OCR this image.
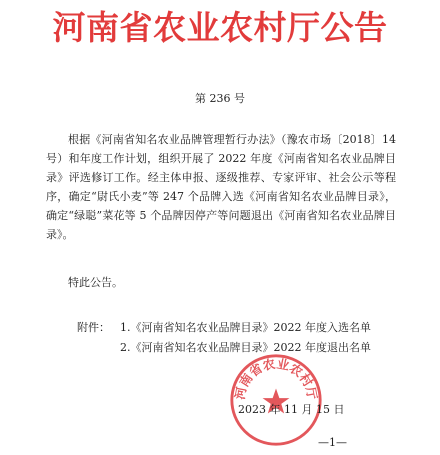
河南省农业农村厅公告
第 236 号

根据《河南省知名农业品牌管理暂行办法》（豫农市场〔2018〕14 号）和年度工作计划，组织开展了 2022 年度《河南省知名农业品牌目录》评选修订工作。经主体申报、逐级推荐、专家评审、社会公示等程序，确定“尉氏小麦”等 247 个品牌入选《河南省知名农业品牌目录》，确定“绿聪”菜花等 5 个品牌因停产等问题退出《河南省知名农业品牌目录》。

特此公告。
附件： 1.《河南省知名农业品牌目录》2022 年度入选名单
2.《河南省知名农业品牌目录》2022 年度退出名单
河南省农业农村厅
2023 年 11 月 15 日
—1—
